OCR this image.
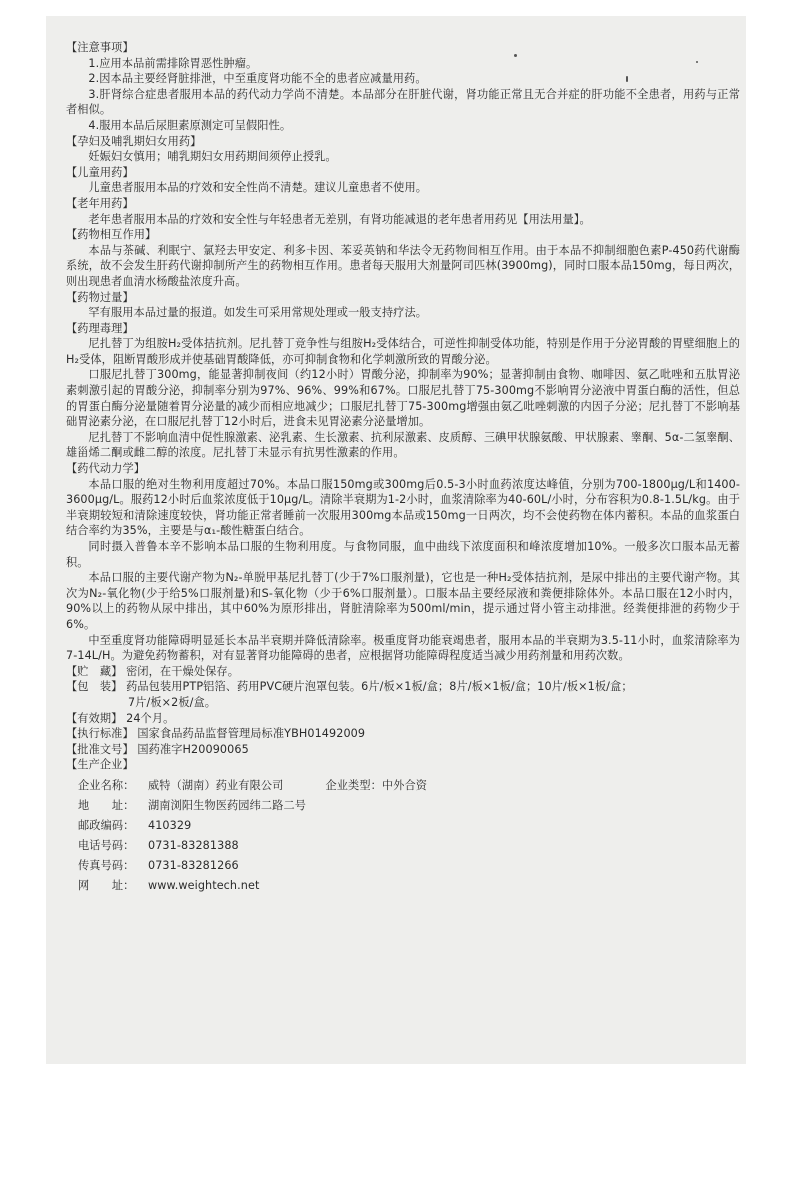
【注意事项】
1.应用本品前需排除胃恶性肿瘤。
2.因本品主要经肾脏排泄，中至重度肾功能不全的患者应减量用药。
3.肝肾综合症患者服用本品的药代动力学尚不清楚。本品部分在肝脏代谢，肾功能正常且无合并症的肝功能不全患者，用药与正常者相似。
4.服用本品后尿胆素原测定可呈假阳性。
【孕妇及哺乳期妇女用药】
妊娠妇女慎用；哺乳期妇女用药期间须停止授乳。
【儿童用药】
儿童患者服用本品的疗效和安全性尚不清楚。建议儿童患者不使用。
【老年用药】
老年患者服用本品的疗效和安全性与年轻患者无差别，有肾功能减退的老年患者用药见【用法用量】。
【药物相互作用】
本品与茶碱、利眠宁、氯羟去甲安定、利多卡因、苯妥英钠和华法令无药物间相互作用。由于本品不抑制细胞色素P-450药代谢酶系统，故不会发生肝药代谢抑制所产生的药物相互作用。患者每天服用大剂量阿司匹林(3900mg)，同时口服本品150mg，每日两次，则出现患者血清水杨酸盐浓度升高。
【药物过量】
罕有服用本品过量的报道。如发生可采用常规处理或一般支持疗法。
【药理毒理】
尼扎替丁为组胺H₂受体拮抗剂。尼扎替丁竞争性与组胺H₂受体结合，可逆性抑制受体功能，特别是作用于分泌胃酸的胃壁细胞上的H₂受体，阻断胃酸形成并使基础胃酸降低，亦可抑制食物和化学刺激所致的胃酸分泌。
口服尼扎替丁300mg，能显著抑制夜间（约12小时）胃酸分泌，抑制率为90%；显著抑制由食物、咖啡因、氨乙吡唑和五肽胃泌素刺激引起的胃酸分泌，抑制率分别为97%、96%、99%和67%。口服尼扎替丁75-300mg不影响胃分泌液中胃蛋白酶的活性，但总的胃蛋白酶分泌量随着胃分泌量的减少而相应地减少；口服尼扎替丁75-300mg增强由氨乙吡唑刺激的内因子分泌；尼扎替丁不影响基础胃泌素分泌，在口服尼扎替丁12小时后，进食未见胃泌素分泌量增加。
尼扎替丁不影响血清中促性腺激素、泌乳素、生长激素、抗利尿激素、皮质醇、三碘甲状腺氨酸、甲状腺素、睾酮、5α-二氢睾酮、雄甾烯二酮或雌二醇的浓度。尼扎替丁未显示有抗男性激素的作用。
【药代动力学】
本品口服的绝对生物利用度超过70%。本品口服150mg或300mg后0.5-3小时血药浓度达峰值，分别为700-1800μg/L和1400-3600μg/L。服药12小时后血浆浓度低于10μg/L。清除半衰期为1-2小时，血浆清除率为40-60L/小时，分布容积为0.8-1.5L/kg。由于半衰期较短和清除速度较快，肾功能正常者睡前一次服用300mg本品或150mg一日两次，均不会使药物在体内蓄积。本品的血浆蛋白结合率约为35%，主要是与α₁-酸性糖蛋白结合。
同时摄入普鲁本辛不影响本品口服的生物利用度。与食物同服，血中曲线下浓度面积和峰浓度增加10%。一般多次口服本品无蓄积。
本品口服的主要代谢产物为N₂-单脱甲基尼扎替丁(少于7%口服剂量)，它也是一种H₂受体拮抗剂，是尿中排出的主要代谢产物。其次为N₂-氧化物(少于给5%口服剂量)和S-氧化物（少于6%口服剂量）。口服本品主要经尿液和粪便排除体外。本品口服在12小时内，90%以上的药物从尿中排出，其中60%为原形排出，肾脏清除率为500ml/min，提示通过肾小管主动排泄。经粪便排泄的药物少于6%。
中至重度肾功能障碍明显延长本品半衰期并降低清除率。极重度肾功能衰竭患者，服用本品的半衰期为3.5-11小时，血浆清除率为7-14L/H。为避免药物蓄积，对有显著肾功能障碍的患者，应根据肾功能障碍程度适当减少用药剂量和用药次数。
【贮　藏】 密闭，在干燥处保存。
【包　装】 药品包装用PTP铝箔、药用PVC硬片泡罩包装。6片/板×1板/盒；8片/板×1板/盒；10片/板×1板/盒；
7片/板×2板/盒。
【有效期】 24个月。
【执行标准】 国家食品药品监督管理局标准YBH01492009
【批准文号】 国药准字H20090065
【生产企业】
企业名称：	威特（湖南）药业有限公司	企业类型： 中外合资
地　　址：	湖南浏阳生物医药园纬二路二号
邮政编码：	410329
电话号码：	0731-83281388
传真号码：	0731-83281266
网　　址：	www.weightech.net
